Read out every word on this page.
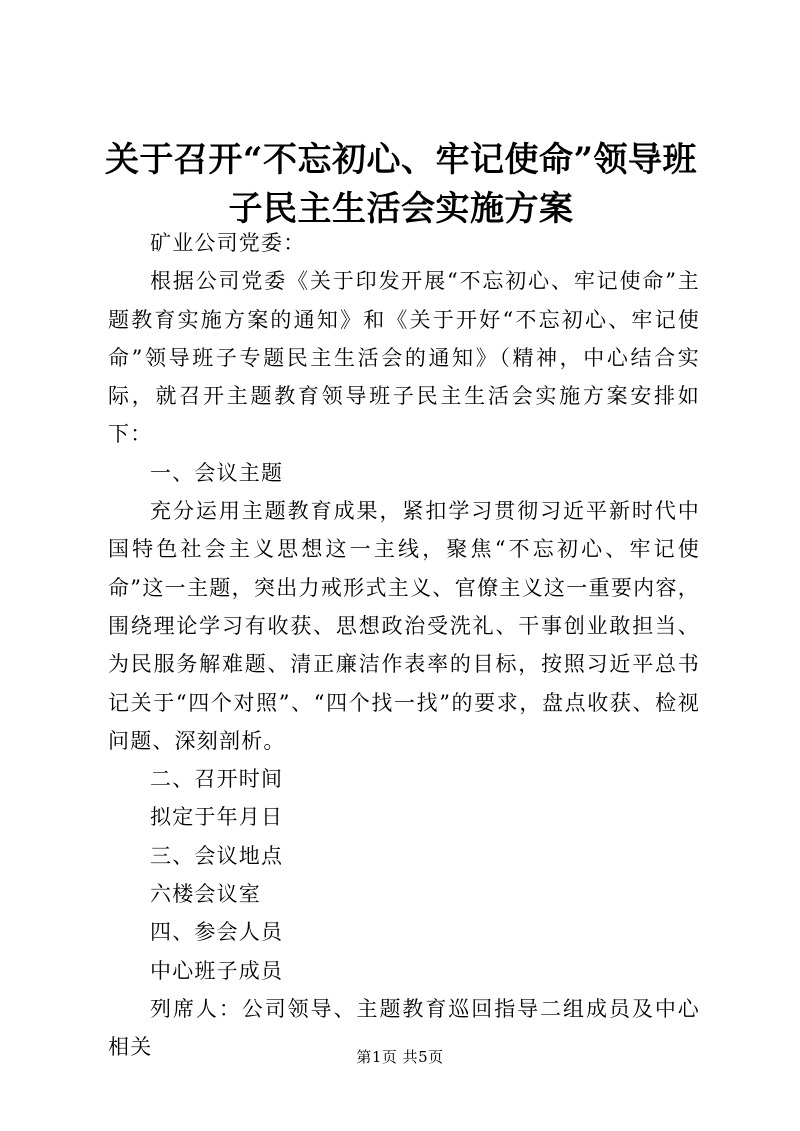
关于召开“不忘初心、牢记使命”领导班子民主生活会实施方案

矿业公司党委：

根据公司党委《关于印发开展“不忘初心、牢记使命”主题教育实施方案的通知》和《关于开好“不忘初心、牢记使命”领导班子专题民主生活会的通知》（精神，中心结合实际，就召开主题教育领导班子民主生活会实施方案安排如下：

一、会议主题

充分运用主题教育成果，紧扣学习贯彻习近平新时代中国特色社会主义思想这一主线，聚焦“不忘初心、牢记使命”这一主题，突出力戒形式主义、官僚主义这一重要内容，围绕理论学习有收获、思想政治受洗礼、干事创业敢担当、为民服务解难题、清正廉洁作表率的目标，按照习近平总书记关于“四个对照”、“四个找一找”的要求，盘点收获、检视问题、深刻剖析。

二、召开时间

拟定于年月日

三、会议地点

六楼会议室

四、参会人员

中心班子成员

列席人：公司领导、主题教育巡回指导二组成员及中心相关	第1页 共5页
